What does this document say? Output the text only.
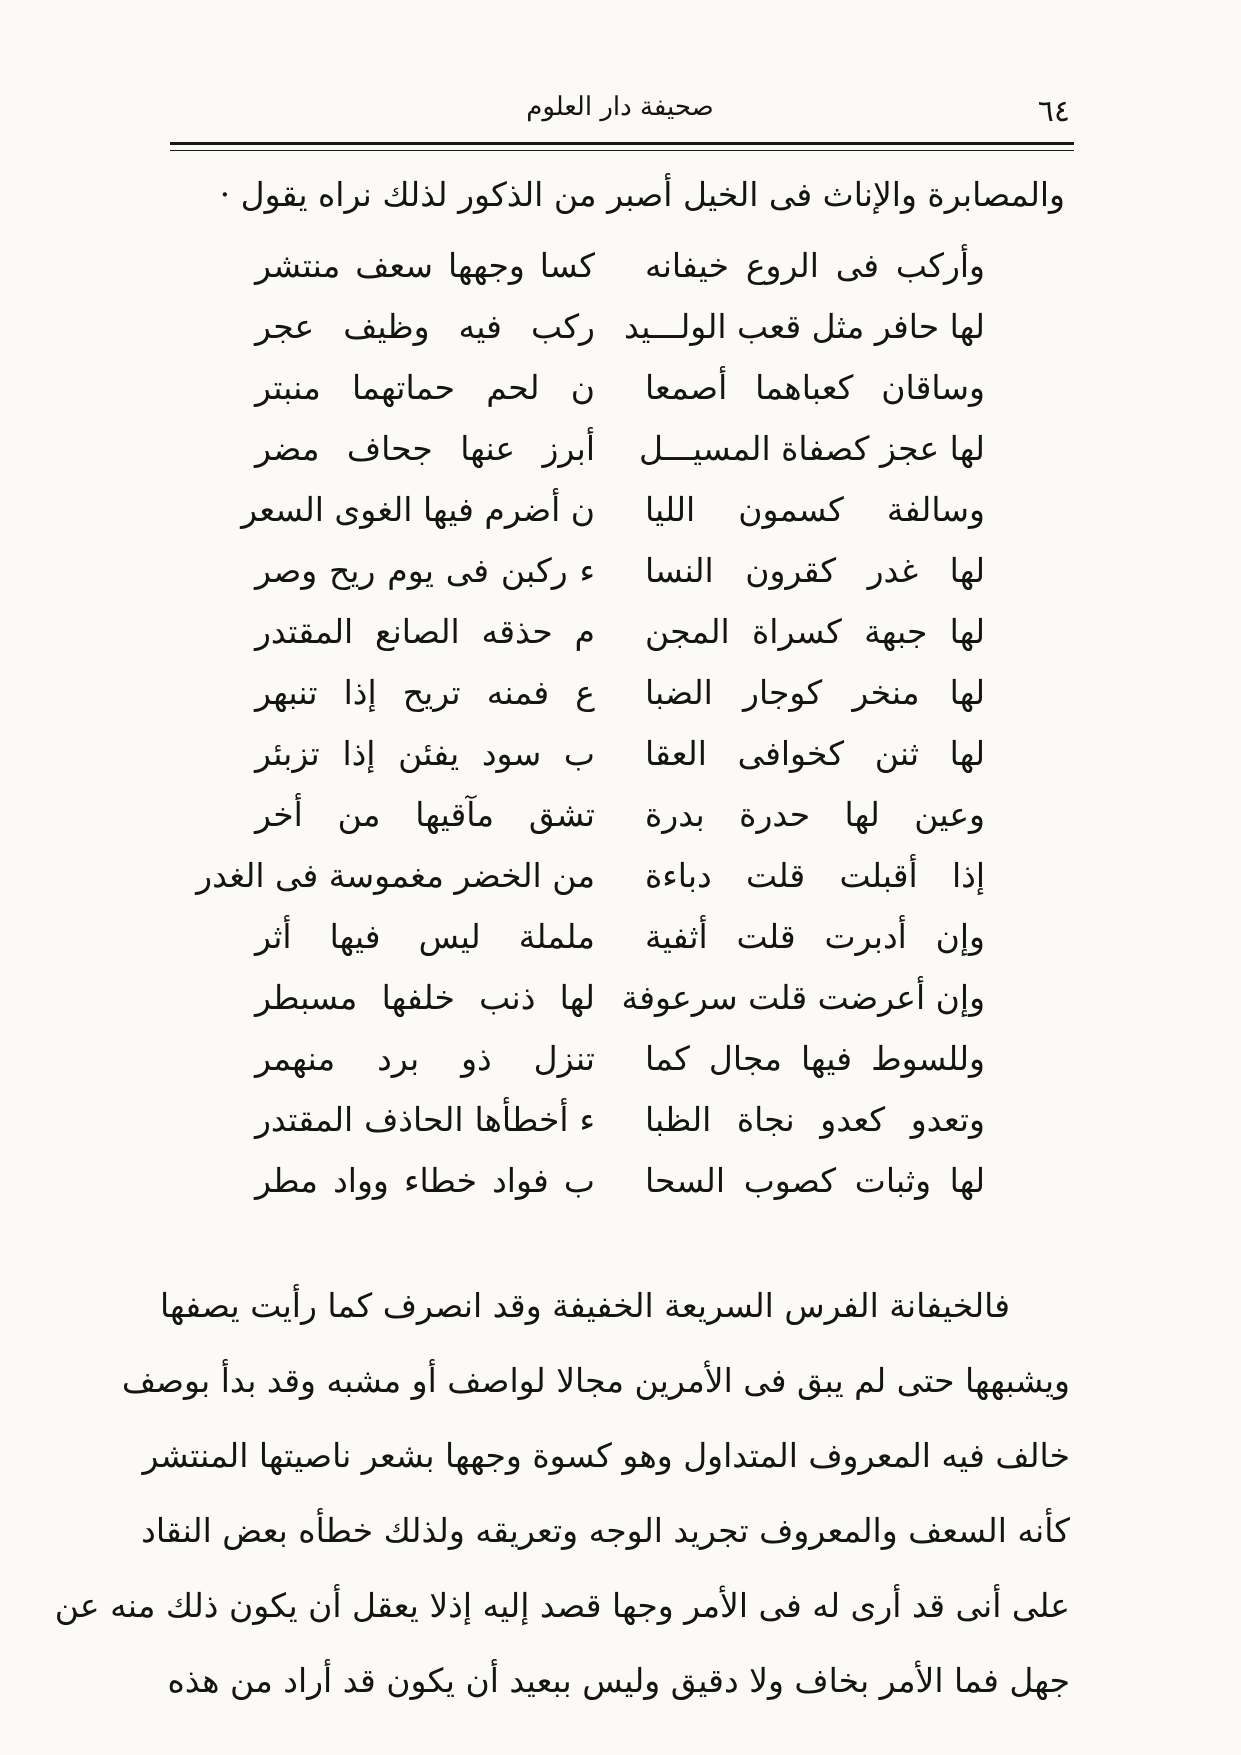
٦٤
صحيفة دار العلوم
والمصابرة والإناث فى الخيل أصبر من الذكور لذلك نراه يقول ·
وأركب فى الروع خيفانه
كسا وجهها سعف منتشر
لها حافر مثل قعب الولـــيد
ركب فيه وظيف عجر
وساقان كعباهما أصمعا
ن لحم حماتهما منبتر
لها عجز كصفاة المسيـــل
أبرز عنها جحاف مضر
وسالفة كسمون الليا
ن أضرم فيها الغوى السعر
لها غدر كقرون النسا
ء ركبن فى يوم ريح وصر
لها جبهة كسراة المجن
م حذقه الصانع المقتدر
لها منخر كوجار الضبا
ع فمنه تريح إذا تنبهر
لها ثنن كخوافى العقا
ب سود يفئن إذا تزبئر
وعين لها حدرة بدرة
تشق مآقيها من أخر
إذا أقبلت قلت دباءة
من الخضر مغموسة فى الغدر
وإن أدبرت قلت أثفية
ململة ليس فيها أثر
وإن أعرضت قلت سرعوفة
لها ذنب خلفها مسبطر
وللسوط فيها مجال كما
تنزل ذو برد منهمر
وتعدو كعدو نجاة الظبا
ء أخطأها الحاذف المقتدر
لها وثبات كصوب السحا
ب فواد خطاء وواد مطر
فالخيفانة الفرس السريعة الخفيفة وقد انصرف كما رأيت يصفها
ويشبهها حتى لم يبق فى الأمرين مجالا لواصف أو مشبه وقد بدأ بوصف
خالف فيه المعروف المتداول وهو كسوة وجهها بشعر ناصيتها المنتشر
كأنه السعف والمعروف تجريد الوجه وتعريقه ولذلك خطأه بعض النقاد
على أنى قد أرى له فى الأمر وجها قصد إليه إذلا يعقل أن يكون ذلك منه عن
جهل فما الأمر بخاف ولا دقيق وليس ببعيد أن يكون قد أراد من هذه
